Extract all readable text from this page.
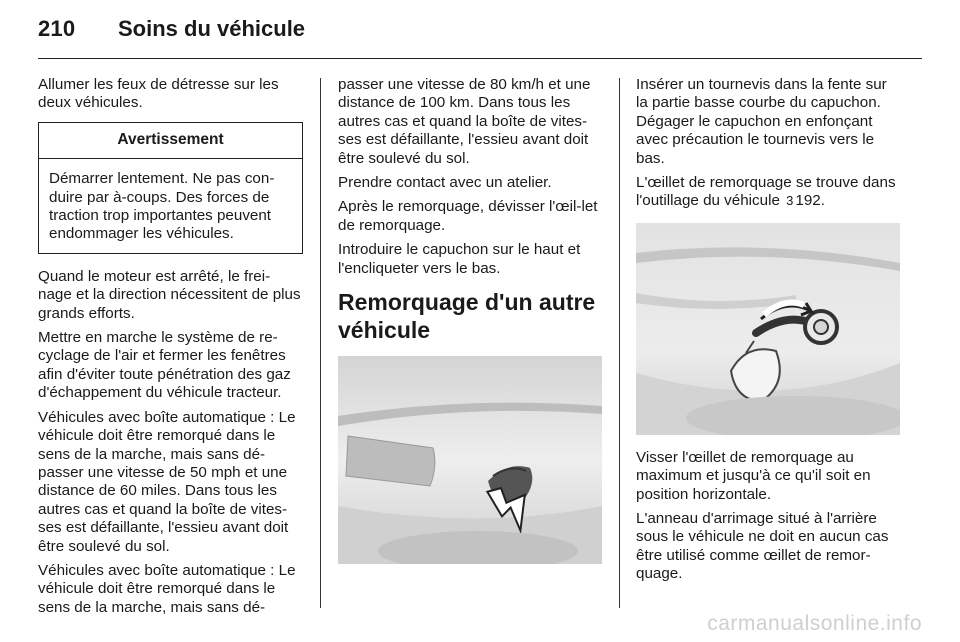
210 Soins du véhicule

Allumer les feux de détresse sur les deux véhicules.

Avertissement
Démarrer lentement. Ne pas con-duire par à-coups. Des forces de traction trop importantes peuvent endommager les véhicules.

Quand le moteur est arrêté, le frei-nage et la direction nécessitent de plus grands efforts.

Mettre en marche le système de re-cyclage de l'air et fermer les fenêtres afin d'éviter toute pénétration des gaz d'échappement du véhicule tracteur.

Véhicules avec boîte automatique : Le véhicule doit être remorqué dans le sens de la marche, mais sans dé-passer une vitesse de 50 mph et une distance de 60 miles. Dans tous les autres cas et quand la boîte de vites-ses est défaillante, l'essieu avant doit être soulevé du sol.

Véhicules avec boîte automatique : Le véhicule doit être remorqué dans le sens de la marche, mais sans dé-

passer une vitesse de 80 km/h et une distance de 100 km. Dans tous les autres cas et quand la boîte de vites-ses est défaillante, l'essieu avant doit être soulevé du sol.

Prendre contact avec un atelier.

Après le remorquage, dévisser l'œil-let de remorquage.

Introduire le capuchon sur le haut et l'encliqueter vers le bas.

Remorquage d'un autre véhicule

Insérer un tournevis dans la fente sur la partie basse courbe du capuchon. Dégager le capuchon en enfonçant avec précaution le tournevis vers le bas.

L'œillet de remorquage se trouve dans l'outillage du véhicule 3 192.

Visser l'œillet de remorquage au maximum et jusqu'à ce qu'il soit en position horizontale.

L'anneau d'arrimage situé à l'arrière sous le véhicule ne doit en aucun cas être utilisé comme œillet de remor-quage.

carmanualsonline.info
